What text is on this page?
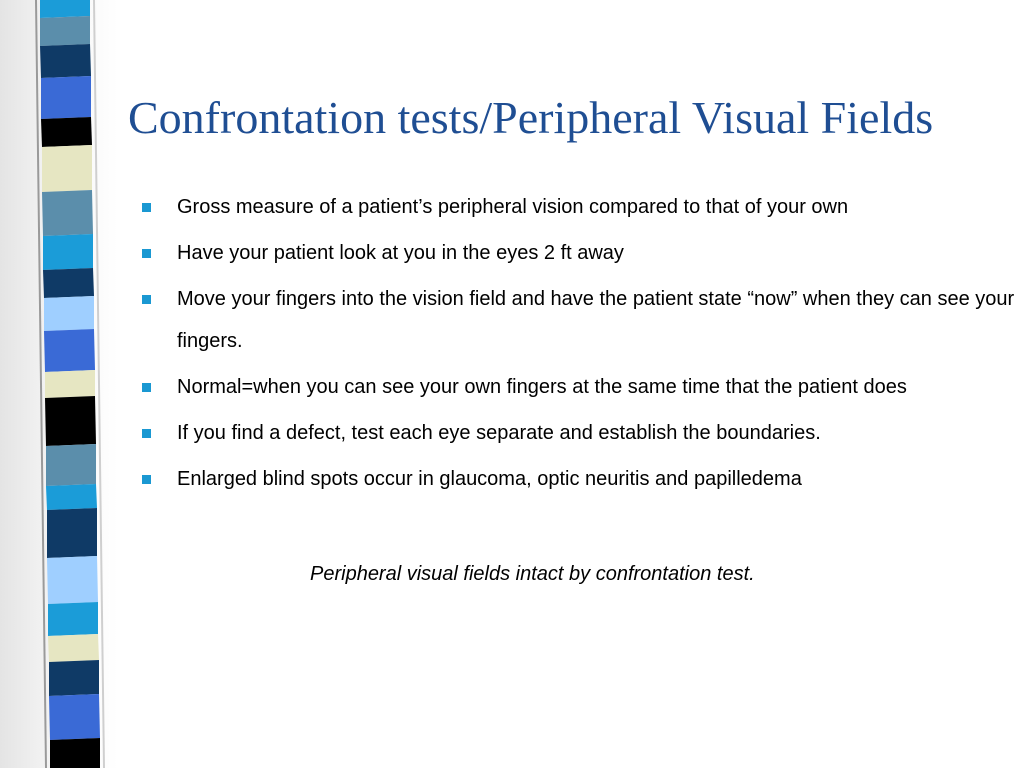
Confrontation tests/Peripheral Visual Fields
Gross measure of a patient’s peripheral vision compared to that of your own
Have your patient look at you in the eyes 2 ft away
Move your fingers into the vision field and have the patient state “now” when they can see your fingers.
Normal=when you can see your own fingers at the same time that the patient does
If you find a defect, test each eye separate and establish the boundaries.
Enlarged blind spots occur in glaucoma, optic neuritis and papilledema

Peripheral visual fields intact by confrontation test.
